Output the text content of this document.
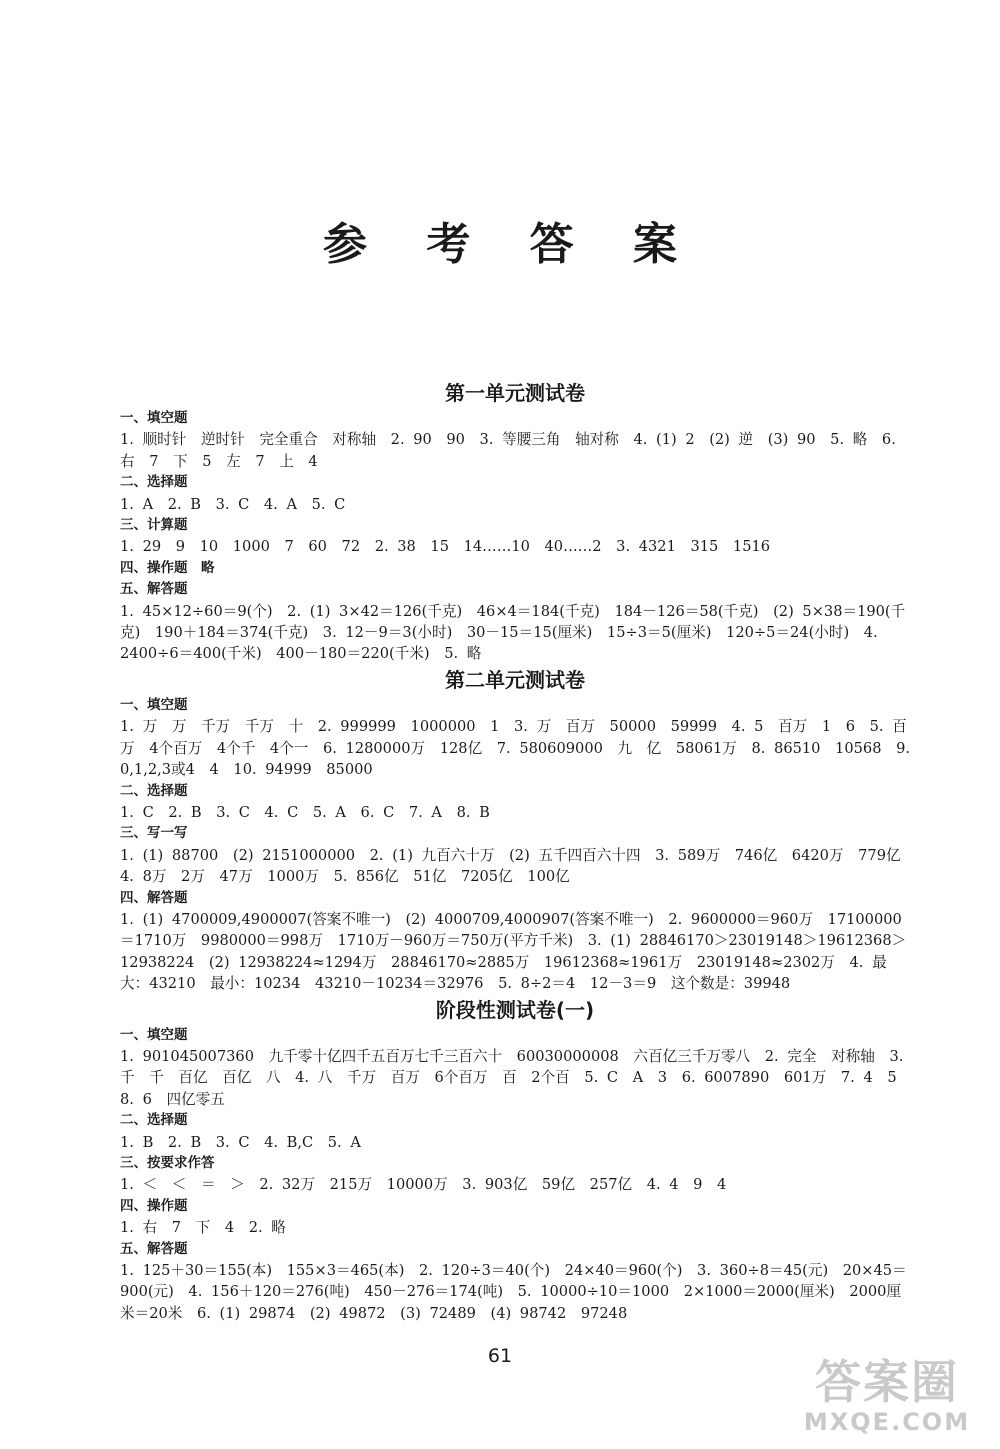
参 考 答 案
第一单元测试卷
一、填空题
1. 顺时针　逆时针　完全重合　对称轴　2. 90　90　3. 等腰三角　轴对称　4. (1) 2　(2) 逆　(3) 90　5. 略　6. 右　7　下　5　左　7　上　4
二、选择题
1. A　2. B　3. C　4. A　5. C
三、计算题
1. 29　9　10　1000　7　60　72　2. 38　15　14……10　40……2　3. 4321　315　1516
四、操作题　略
五、解答题
1. 45×12÷60＝9(个)　2. (1) 3×42＝126(千克)　46×4＝184(千克)　184－126＝58(千克)　(2) 5×38＝190(千克)　190＋184＝374(千克)　3. 12－9＝3(小时)　30－15＝15(厘米)　15÷3＝5(厘米)　120÷5＝24(小时)　4. 2400÷6＝400(千米)　400－180＝220(千米)　5. 略
第二单元测试卷
一、填空题
1. 万　万　千万　千万　十　2. 999999　1000000　1　3. 万　百万　50000　59999　4. 5　百万　1　6　5. 百万　4个百万　4个千　4个一　6. 1280000万　128亿　7. 580609000　九　亿　58061万　8. 86510　10568　9. 0,1,2,3或4　4　10. 94999　85000
二、选择题
1. C　2. B　3. C　4. C　5. A　6. C　7. A　8. B
三、写一写
1. (1) 88700　(2) 2151000000　2. (1) 九百六十万　(2) 五千四百六十四　3. 589万　746亿　6420万　779亿　4. 8万　2万　47万　1000万　5. 856亿　51亿　7205亿　100亿
四、解答题
1. (1) 4700009,4900007(答案不唯一)　(2) 4000709,4000907(答案不唯一)　2. 9600000＝960万　17100000＝1710万　9980000＝998万　1710万－960万＝750万(平方千米)　3. (1) 28846170＞23019148＞19612368＞12938224　(2) 12938224≈1294万　28846170≈2885万　19612368≈1961万　23019148≈2302万　4. 最大：43210　最小：10234　43210－10234＝32976　5. 8÷2＝4　12－3＝9　这个数是：39948
阶段性测试卷(一)
一、填空题
1. 901045007360　九千零十亿四千五百万七千三百六十　60030000008　六百亿三千万零八　2. 完全　对称轴　3. 千　千　百亿　百亿　八　4. 八　千万　百万　6个百万　百　2个百　5. C　A　3　6. 6007890　601万　7. 4　5　8. 6　四亿零五
二、选择题
1. B　2. B　3. C　4. B,C　5. A
三、按要求作答
1. ＜　＜　＝　＞　2. 32万　215万　10000万　3. 903亿　59亿　257亿　4. 4　9　4
四、操作题
1. 右　7　下　4　2. 略
五、解答题
1. 125＋30＝155(本)　155×3＝465(本)　2. 120÷3＝40(个)　24×40＝960(个)　3. 360÷8＝45(元)　20×45＝900(元)　4. 156＋120＝276(吨)　450－276＝174(吨)　5. 10000÷10＝1000　2×1000＝2000(厘米)　2000厘米＝20米　6. (1) 29874　(2) 49872　(3) 72489　(4) 98742　97248
61	答案圈
MXQE.COM
